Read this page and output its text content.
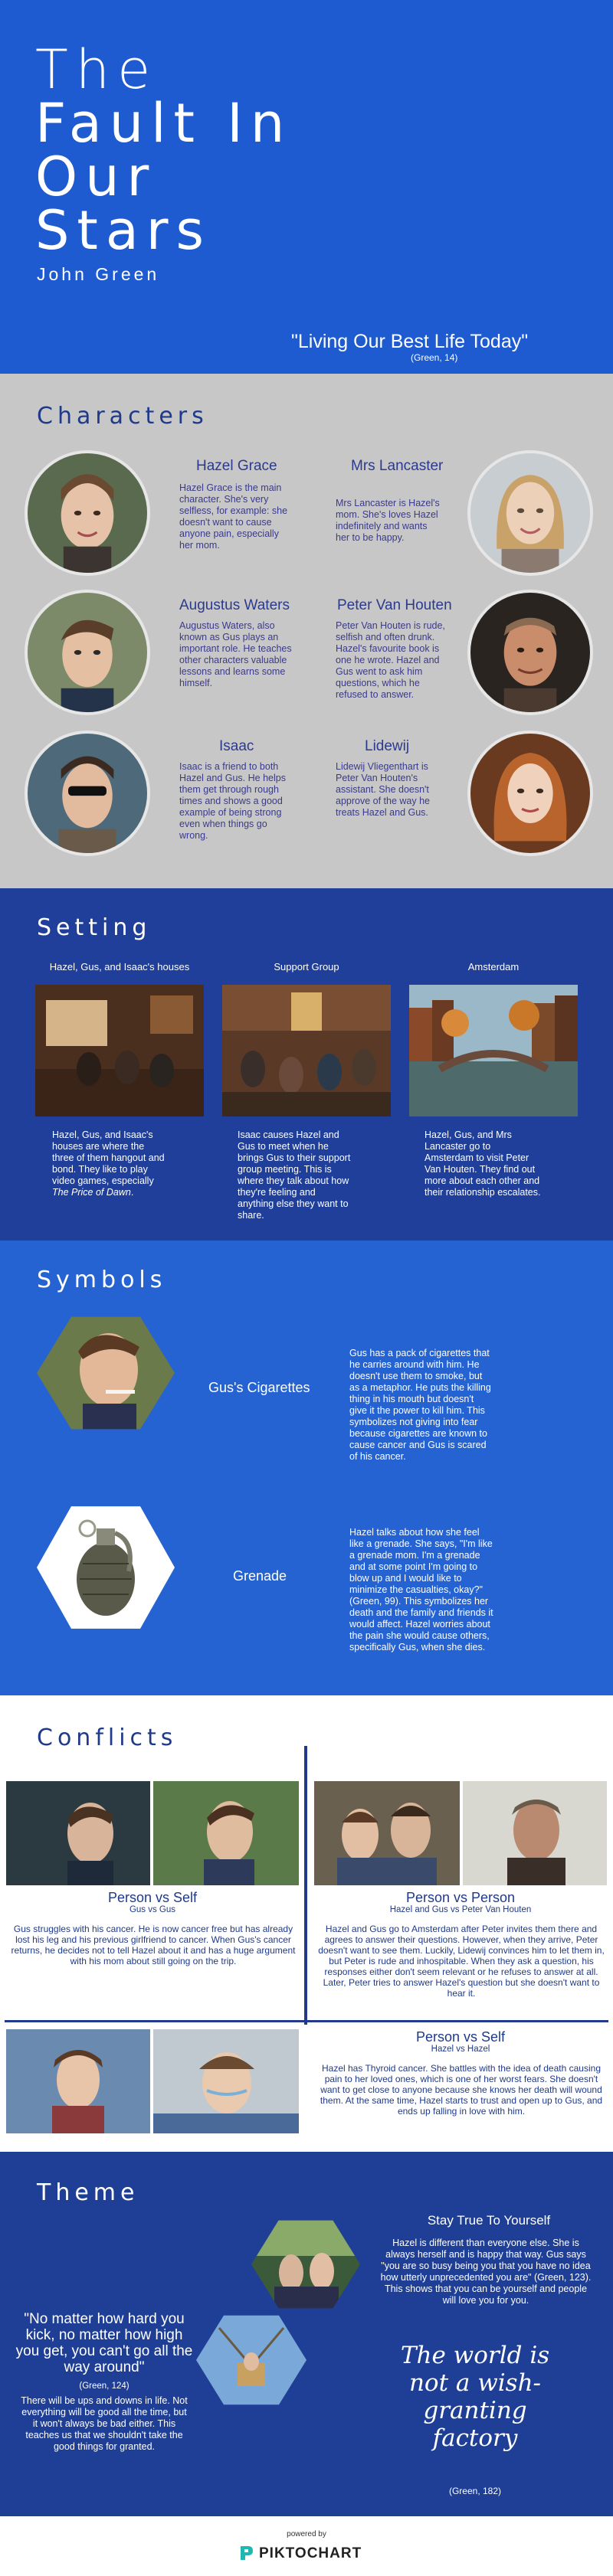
The
Fault In
Our
Stars
John Green
"Living Our Best Life Today"
(Green, 14)
Characters
Hazel Grace
Hazel Grace is the main character. She's very selfless, for example: she doesn't want to cause anyone pain, especially her mom.
Mrs Lancaster
Mrs Lancaster is Hazel's mom. She's loves Hazel indefinitely and wants her to be happy.
Augustus Waters
Augustus Waters, also known as Gus plays an important role. He teaches other characters valuable lessons and learns some himself.
Peter Van Houten
Peter Van Houten is rude, selfish and often drunk. Hazel's favourite book is one he wrote. Hazel and Gus went to ask him questions, which he refused to answer.
Isaac
Isaac is a friend to both Hazel and Gus. He helps them get through rough times and shows a good example of being strong even when things go wrong.
Lidewij
Lidewij Vliegenthart is Peter Van Houten's assistant. She doesn't approve of the way he treats Hazel and Gus.
Setting
Hazel, Gus, and Isaac's houses	Support Group	Amsterdam
Hazel, Gus, and Isaac's houses are where the three of them hangout and bond. They like to play video games, especially The Price of Dawn.
Isaac causes Hazel and Gus to meet when he brings Gus to their support group meeting. This is where they talk about how they're feeling and anything else they want to share.
Hazel, Gus, and Mrs Lancaster go to Amsterdam to visit Peter Van Houten. They find out more about each other and their relationship escalates.
Symbols
Gus's Cigarettes
Gus has a pack of cigarettes that he carries around with him. He doesn't use them to smoke, but as a metaphor. He puts the killing thing in his mouth but doesn't give it the power to kill him. This symbolizes not giving into fear because cigarettes are known to cause cancer and Gus is scared of his cancer.
Grenade
Hazel talks about how she feel like a grenade. She says, "I'm like a grenade mom. I'm a grenade and at some point I'm going to blow up and I would like to minimize the casualties, okay?" (Green, 99). This symbolizes her death and the family and friends it would affect. Hazel worries about the pain she would cause others, specifically Gus, when she dies.
Conflicts
Person vs Self
Gus vs Gus
Gus struggles with his cancer. He is now cancer free but has already lost his leg and his previous girlfriend to cancer. When Gus's cancer returns, he decides not to tell Hazel about it and has a huge argument with his mom about still going on the trip.
Person vs Person
Hazel and Gus vs Peter Van Houten
Hazel and Gus go to Amsterdam after Peter invites them there and agrees to answer their questions. However, when they arrive, Peter doesn't want to see them. Luckily, Lidewij convinces him to let them in, but Peter is rude and inhospitable. When they ask a question, his responses either don't seem relevant or he refuses to answer at all. Later, Peter tries to answer Hazel's question but she doesn't want to hear it.
Person vs Self
Hazel vs Hazel
Hazel has Thyroid cancer. She battles with the idea of death causing pain to her loved ones, which is one of her worst fears. She doesn't want to get close to anyone because she knows her death will wound them. At the same time, Hazel starts to trust and open up to Gus, and ends up falling in love with him.
Theme
Stay True To Yourself
Hazel is different than everyone else. She is always herself and is happy that way. Gus says "you are so busy being you that you have no idea how utterly unprecedented you are" (Green, 123). This shows that you can be yourself and people will love you for you.
"No matter how hard you kick, no matter how high you get, you can't go all the way around"
(Green, 124)
There will be ups and downs in life. Not everything will be good all the time, but it won't always be bad either. This teaches us that we shouldn't take the good things for granted.
The world is
not a wish-
granting
factory
(Green, 182)
powered by
PIKTOCHART
